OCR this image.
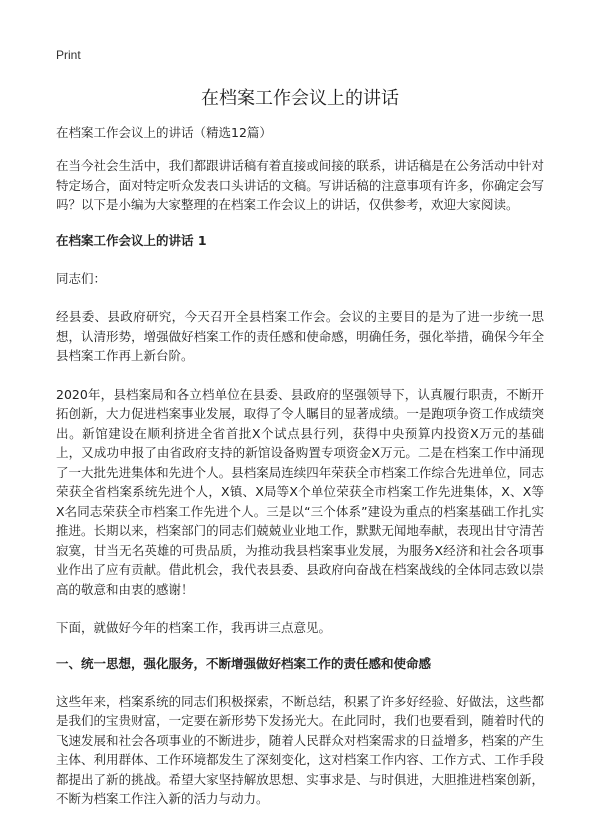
Print
在档案工作会议上的讲话
在档案工作会议上的讲话（精选12篇）

在当今社会生活中，我们都跟讲话稿有着直接或间接的联系，讲话稿是在公务活动中针对特定场合，面对特定听众发表口头讲话的文稿。写讲话稿的注意事项有许多，你确定会写吗？以下是小编为大家整理的在档案工作会议上的讲话，仅供参考，欢迎大家阅读。

在档案工作会议上的讲话 1

同志们：

经县委、县政府研究，今天召开全县档案工作会。会议的主要目的是为了进一步统一思想，认清形势，增强做好档案工作的责任感和使命感，明确任务，强化举措，确保今年全县档案工作再上新台阶。

2020年，县档案局和各立档单位在县委、县政府的坚强领导下，认真履行职责，不断开拓创新，大力促进档案事业发展，取得了令人瞩目的显著成绩。一是跑项争资工作成绩突出。新馆建设在顺利挤进全省首批X个试点县行列，获得中央预算内投资X万元的基础上，又成功申报了由省政府支持的新馆设备购置专项资金X万元。二是在档案工作中涌现了一大批先进集体和先进个人。县档案局连续四年荣获全市档案工作综合先进单位，同志荣获全省档案系统先进个人，X镇、X局等X个单位荣获全市档案工作先进集体，X、X等X名同志荣获全市档案工作先进个人。三是以“三个体系”建设为重点的档案基础工作扎实推进。长期以来，档案部门的同志们兢兢业业地工作，默默无闻地奉献，表现出甘守清苦寂寞，甘当无名英雄的可贵品质，为推动我县档案事业发展，为服务X经济和社会各项事业作出了应有贡献。借此机会，我代表县委、县政府向奋战在档案战线的全体同志致以崇高的敬意和由衷的感谢！

下面，就做好今年的档案工作，我再讲三点意见。

一、统一思想，强化服务，不断增强做好档案工作的责任感和使命感

这些年来，档案系统的同志们积极探索，不断总结，积累了许多好经验、好做法，这些都是我们的宝贵财富，一定要在新形势下发扬光大。在此同时，我们也要看到，随着时代的飞速发展和社会各项事业的不断进步，随着人民群众对档案需求的日益增多，档案的产生主体、利用群体、工作环境都发生了深刻变化，这对档案工作内容、工作方式、工作手段都提出了新的挑战。希望大家坚持解放思想、实事求是、与时俱进，大胆推进档案创新，不断为档案工作注入新的活力与动力。
